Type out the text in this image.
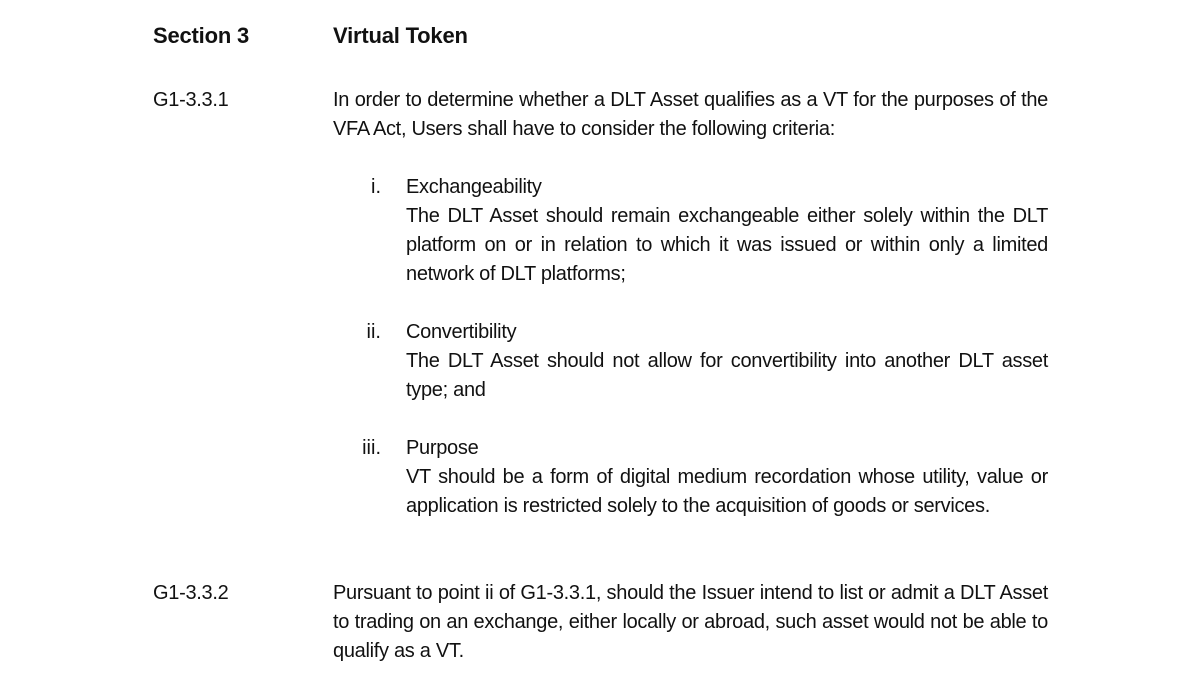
Section 3	Virtual Token
G1-3.3.1	In order to determine whether a DLT Asset qualifies as a VT for the purposes of the VFA Act, Users shall have to consider the following criteria:
i. Exchangeability
The DLT Asset should remain exchangeable either solely within the DLT platform on or in relation to which it was issued or within only a limited network of DLT platforms;
ii. Convertibility
The DLT Asset should not allow for convertibility into another DLT asset type; and
iii. Purpose
VT should be a form of digital medium recordation whose utility, value or application is restricted solely to the acquisition of goods or services.
G1-3.3.2	Pursuant to point ii of G1-3.3.1, should the Issuer intend to list or admit a DLT Asset to trading on an exchange, either locally or abroad, such asset would not be able to qualify as a VT.
